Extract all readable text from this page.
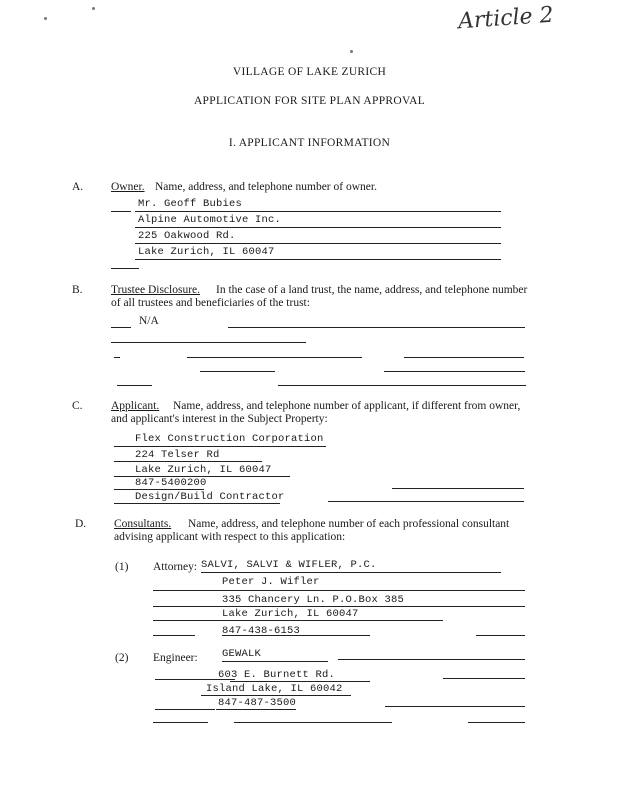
Article 2
VILLAGE OF LAKE ZURICH
APPLICATION FOR SITE PLAN APPROVAL
I. APPLICANT INFORMATION
A. Owner. Name, address, and telephone number of owner.
Mr. Geoff Bubies
Alpine Automotive Inc.
225 Oakwood Rd.
Lake Zurich, IL 60047
B. Trustee Disclosure. In the case of a land trust, the name, address, and telephone number
of all trustees and beneficiaries of the trust:
N/A
C. Applicant. Name, address, and telephone number of applicant, if different from owner,
and applicant's interest in the Subject Property:
Flex Construction Corporation
224 Telser Rd
Lake Zurich, IL 60047
847-5400200
Design/Build Contractor
D. Consultants. Name, address, and telephone number of each professional consultant
advising applicant with respect to this application:
(1) Attorney: SALVI, SALVI & WIFLER, P.C.
Peter J. Wifler
335 Chancery Ln. P.O.Box 385
Lake Zurich, IL 60047
847-438-6153
(2) Engineer: GEWALK
603 E. Burnett Rd.
Island Lake, IL 60042
847-487-3500
